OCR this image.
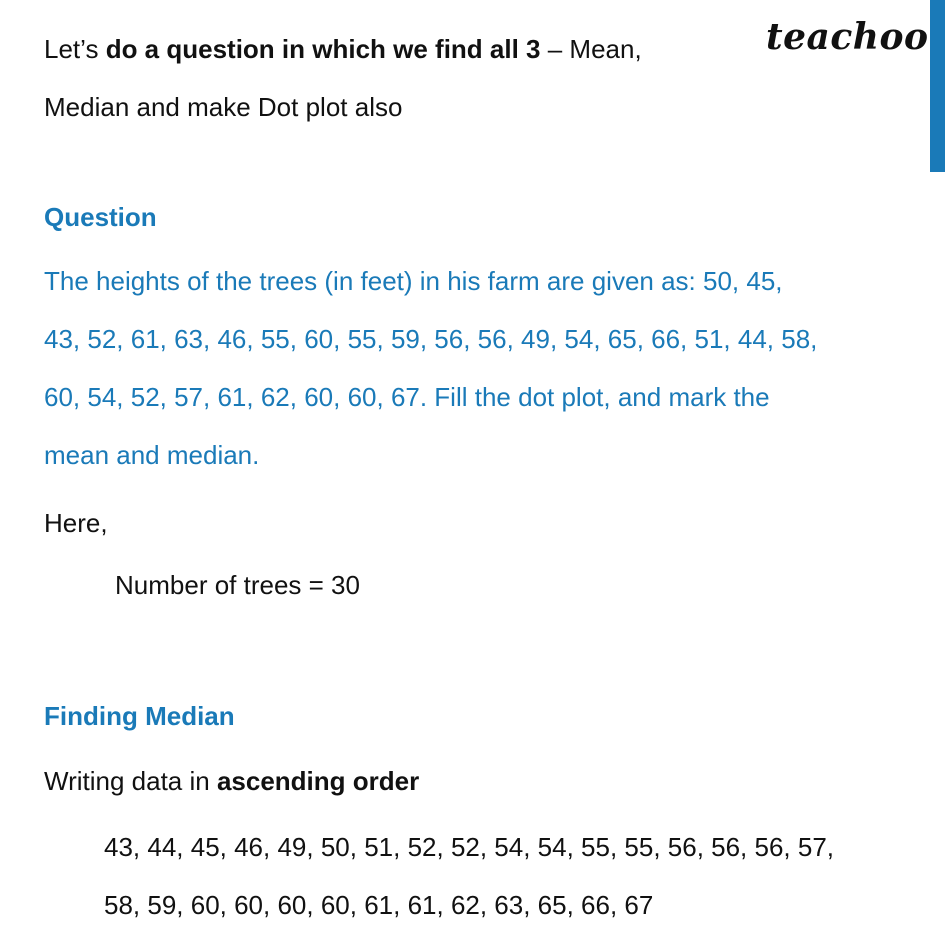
teachoo
Let’s do a question in which we find all 3 – Mean,
Median and make Dot plot also
Question
The heights of the trees (in feet) in his farm are given as: 50, 45,
43, 52, 61, 63, 46, 55, 60, 55, 59, 56, 56, 49, 54, 65, 66, 51, 44, 58,
60, 54, 52, 57, 61, 62, 60, 60, 67. Fill the dot plot, and mark the
mean and median.
Here,
Number of trees = 30
Finding Median
Writing data in ascending order
43, 44, 45, 46, 49, 50, 51, 52, 52, 54, 54, 55, 55, 56, 56, 56, 57,
58, 59, 60, 60, 60, 60, 61, 61, 62, 63, 65, 66, 67
